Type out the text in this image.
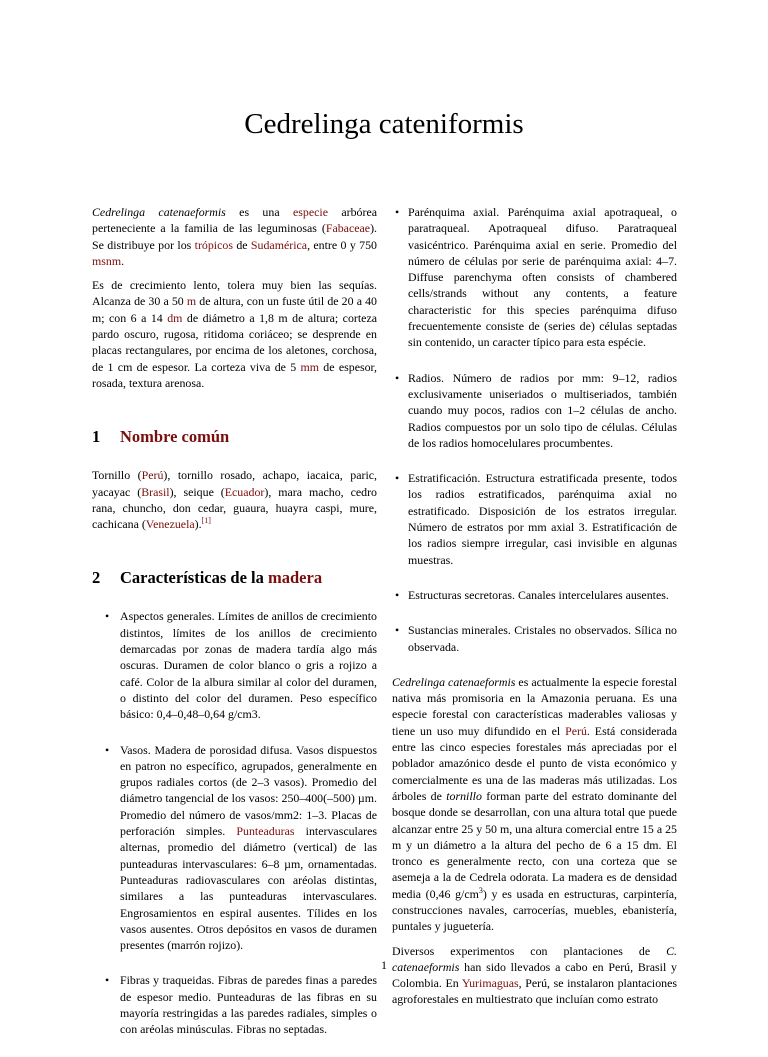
Cedrelinga cateniformis

Cedrelinga catenaeformis es una especie arbórea perteneciente a la familia de las leguminosas (Fabaceae). Se distribuye por los trópicos de Sudamérica, entre 0 y 750 msnm.

Es de crecimiento lento, tolera muy bien las sequías. Alcanza de 30 a 50 m de altura, con un fuste útil de 20 a 40 m; con 6 a 14 dm de diámetro a 1,8 m de altura; corteza pardo oscuro, rugosa, ritidoma coriáceo; se desprende en placas rectangulares, por encima de los aletones, corchosa, de 1 cm de espesor. La corteza viva de 5 mm de espesor, rosada, textura arenosa.

1 Nombre común

Tornillo (Perú), tornillo rosado, achapo, iacaica, paric, yacayac (Brasil), seique (Ecuador), mara macho, cedro rana, chuncho, don cedar, guaura, huayra caspi, mure, cachicana (Venezuela).[1]

2 Características de la madera
• Aspectos generales. Límites de anillos de crecimiento distintos, límites de los anillos de crecimiento demarcadas por zonas de madera tardía algo más oscuras. Duramen de color blanco o gris a rojizo a café. Color de la albura similar al color del duramen, o distinto del color del duramen. Peso específico básico: 0,4–0,48–0,64 g/cm3.
• Vasos. Madera de porosidad difusa. Vasos dispuestos en patron no específico, agrupados, generalmente en grupos radiales cortos (de 2–3 vasos). Promedio del diámetro tangencial de los vasos: 250–400(–500) µm. Promedio del número de vasos/mm2: 1–3. Placas de perforación simples. Punteaduras intervasculares alternas, promedio del diámetro (vertical) de las punteaduras intervasculares: 6–8 µm, ornamentadas. Punteaduras radiovasculares con aréolas distintas, similares a las punteaduras intervasculares. Engrosamientos en espiral ausentes. Tílides en los vasos ausentes. Otros depósitos en vasos de duramen presentes (marrón rojizo).
• Fibras y traqueidas. Fibras de paredes finas a paredes de espesor medio. Punteaduras de las fibras en su mayoría restringidas a las paredes radiales, simples o con aréolas minúsculas. Fibras no septadas.
• Parénquima axial. Parénquima axial apotraqueal, o paratraqueal. Apotraqueal difuso. Paratraqueal vasicéntrico. Parénquima axial en serie. Promedio del número de células por serie de parénquima axial: 4–7. Diffuse parenchyma often consists of chambered cells/strands without any contents, a feature characteristic for this species parénquima difuso frecuentemente consiste de (series de) células septadas sin contenido, un caracter típico para esta espécie.
• Radios. Número de radios por mm: 9–12, radios exclusivamente uniseriados o multiseriados, también cuando muy pocos, radios con 1–2 células de ancho. Radios compuestos por un solo tipo de células. Células de los radios homocelulares procumbentes.
• Estratificación. Estructura estratificada presente, todos los radios estratificados, parénquima axial no estratificado. Disposición de los estratos irregular. Número de estratos por mm axial 3. Estratificación de los radios siempre irregular, casi invisible en algunas muestras.
• Estructuras secretoras. Canales intercelulares ausentes.
• Sustancias minerales. Cristales no observados. Sílica no observada.

Cedrelinga catenaeformis es actualmente la especie forestal nativa más promisoria en la Amazonia peruana. Es una especie forestal con características maderables valiosas y tiene un uso muy difundido en el Perú. Está considerada entre las cinco especies forestales más apreciadas por el poblador amazónico desde el punto de vista económico y comercialmente es una de las maderas más utilizadas. Los árboles de tornillo forman parte del estrato dominante del bosque donde se desarrollan, con una altura total que puede alcanzar entre 25 y 50 m, una altura comercial entre 15 a 25 m y un diámetro a la altura del pecho de 6 a 15 dm. El tronco es generalmente recto, con una corteza que se asemeja a la de Cedrela odorata. La madera es de densidad media (0,46 $g/cm^3$) y es usada en estructuras, carpintería, construcciones navales, carrocerías, muebles, ebanistería, puntales y juguetería.

Diversos experimentos con plantaciones de C. catenaeformis han sido llevados a cabo en Perú, Brasil y Colombia. En Yurimaguas, Perú, se instalaron plantaciones agroforestales en multiestrato que incluían como estrato

1
